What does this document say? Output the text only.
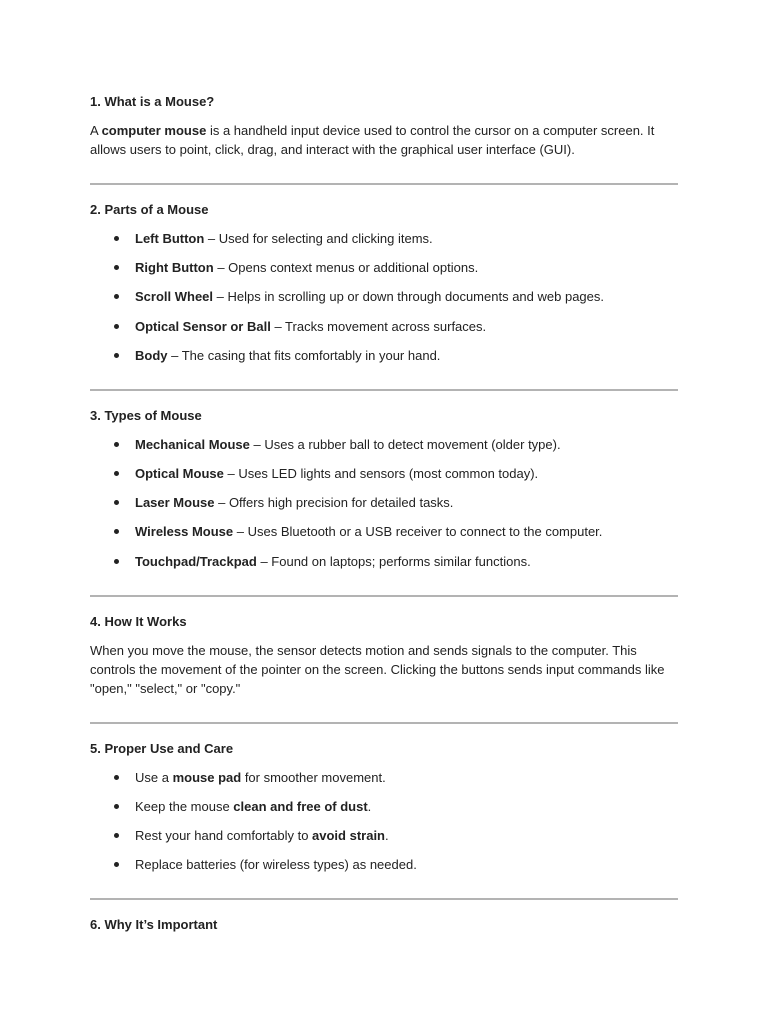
1. What is a Mouse?

A computer mouse is a handheld input device used to control the cursor on a computer screen. It allows users to point, click, drag, and interact with the graphical user interface (GUI).

2. Parts of a Mouse

Left Button – Used for selecting and clicking items.
Right Button – Opens context menus or additional options.
Scroll Wheel – Helps in scrolling up or down through documents and web pages.
Optical Sensor or Ball – Tracks movement across surfaces.
Body – The casing that fits comfortably in your hand.

3. Types of Mouse

Mechanical Mouse – Uses a rubber ball to detect movement (older type).
Optical Mouse – Uses LED lights and sensors (most common today).
Laser Mouse – Offers high precision for detailed tasks.
Wireless Mouse – Uses Bluetooth or a USB receiver to connect to the computer.
Touchpad/Trackpad – Found on laptops; performs similar functions.

4. How It Works

When you move the mouse, the sensor detects motion and sends signals to the computer. This controls the movement of the pointer on the screen. Clicking the buttons sends input commands like "open," "select," or "copy."

5. Proper Use and Care

Use a mouse pad for smoother movement.
Keep the mouse clean and free of dust.
Rest your hand comfortably to avoid strain.
Replace batteries (for wireless types) as needed.

6. Why It’s Important
